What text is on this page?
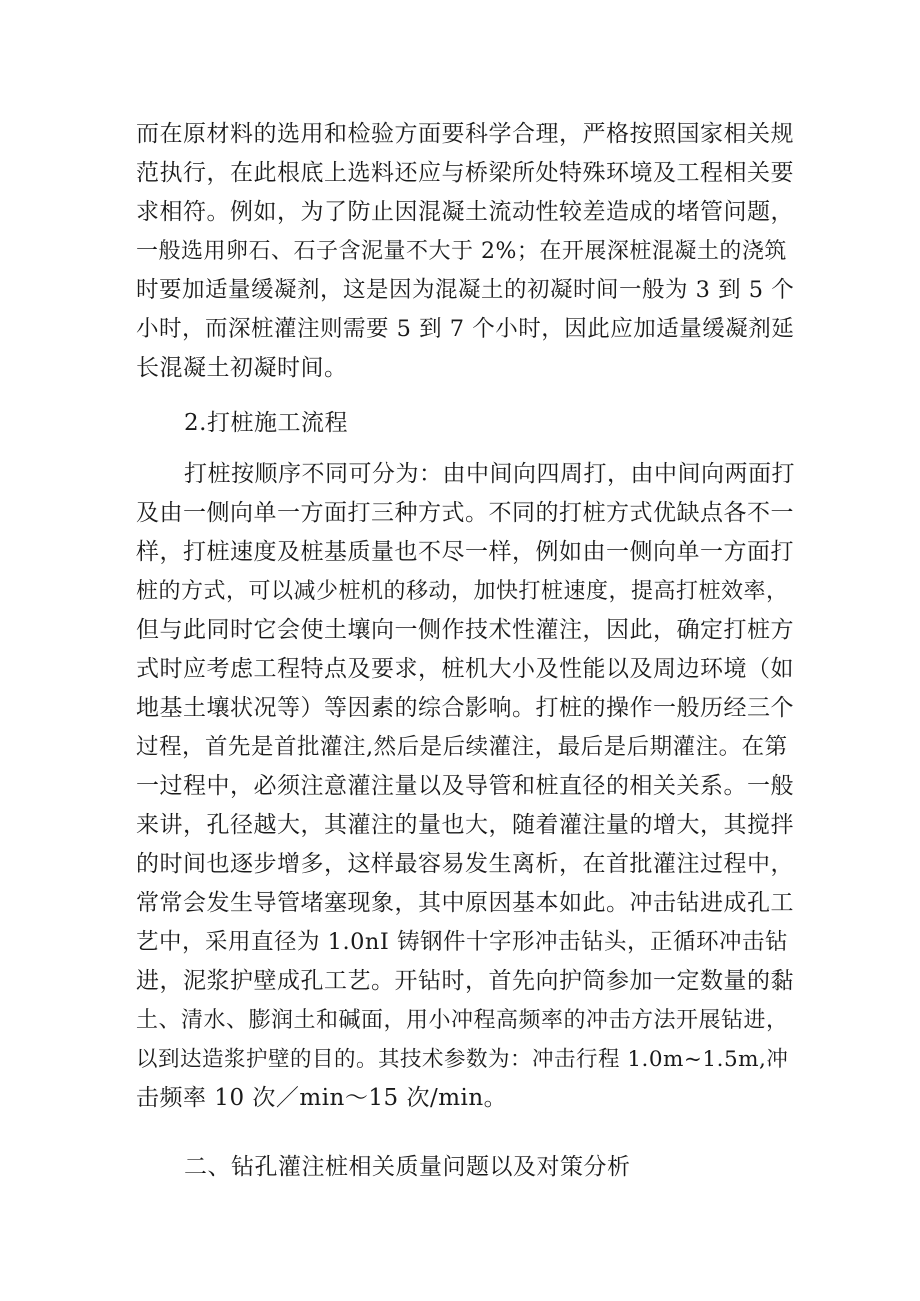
而在原材料的选用和检验方面要科学合理，严格按照国家相关规
范执行，在此根底上选料还应与桥梁所处特殊环境及工程相关要
求相符。例如，为了防止因混凝土流动性较差造成的堵管问题，
一般选用卵石、石子含泥量不大于 2%；在开展深桩混凝土的浇筑
时要加适量缓凝剂，这是因为混凝土的初凝时间一般为 3 到 5 个
小时，而深桩灌注则需要 5 到 7 个小时，因此应加适量缓凝剂延
长混凝土初凝时间。
2.打桩施工流程
打桩按顺序不同可分为：由中间向四周打，由中间向两面打
及由一侧向单一方面打三种方式。不同的打桩方式优缺点各不一
样，打桩速度及桩基质量也不尽一样，例如由一侧向单一方面打
桩的方式，可以减少桩机的移动，加快打桩速度，提高打桩效率，
但与此同时它会使土壤向一侧作技术性灌注，因此，确定打桩方
式时应考虑工程特点及要求，桩机大小及性能以及周边环境（如
地基土壤状况等）等因素的综合影响。打桩的操作一般历经三个
过程，首先是首批灌注,然后是后续灌注，最后是后期灌注。在第
一过程中，必须注意灌注量以及导管和桩直径的相关关系。一般
来讲，孔径越大，其灌注的量也大，随着灌注量的增大，其搅拌
的时间也逐步增多，这样最容易发生离析，在首批灌注过程中，
常常会发生导管堵塞现象，其中原因基本如此。冲击钻进成孔工
艺中，采用直径为 1.0nI 铸钢件十字形冲击钻头，正循环冲击钻
进，泥浆护壁成孔工艺。开钻时，首先向护筒参加一定数量的黏
土、清水、膨润土和碱面，用小冲程高频率的冲击方法开展钻进，
以到达造浆护壁的目的。其技术参数为：冲击行程 1.0m~1.5m,冲
击频率 10 次／min～15 次/min。
二、钻孔灌注桩相关质量问题以及对策分析
